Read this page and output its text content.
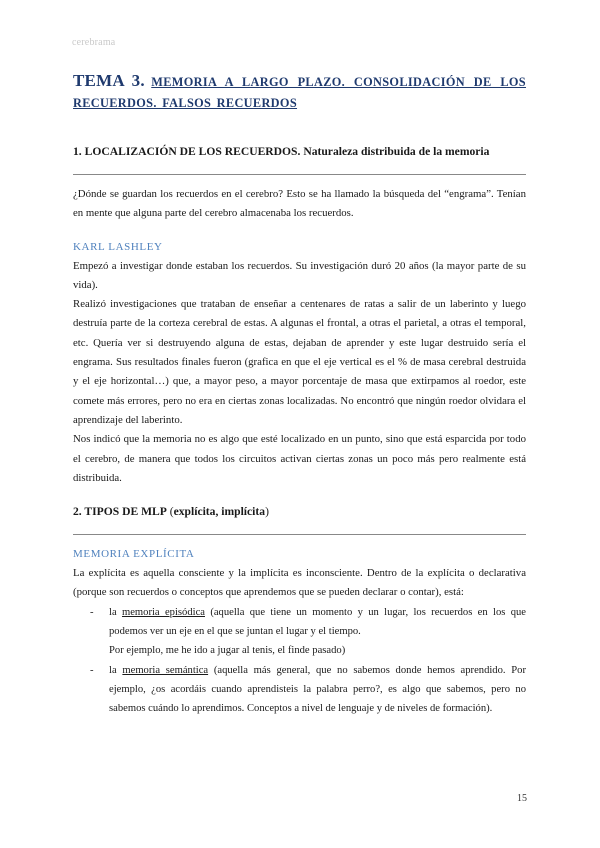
cerebrama
TEMA 3. MEMORIA A LARGO PLAZO. CONSOLIDACIÓN DE LOS RECUERDOS. FALSOS RECUERDOS
1. LOCALIZACIÓN DE LOS RECUERDOS. Naturaleza distribuida de la memoria

¿Dónde se guardan los recuerdos en el cerebro? Esto se ha llamado la búsqueda del “engrama”. Tenían en mente que alguna parte del cerebro almacenaba los recuerdos.

KARL LASHLEY

Empezó a investigar donde estaban los recuerdos. Su investigación duró 20 años (la mayor parte de su vida).

Realizó investigaciones que trataban de enseñar a centenares de ratas a salir de un laberinto y luego destruía parte de la corteza cerebral de estas. A algunas el frontal, a otras el parietal, a otras el temporal, etc. Quería ver si destruyendo alguna de estas, dejaban de aprender y este lugar destruido sería el engrama. Sus resultados finales fueron (grafica en que el eje vertical es el % de masa cerebral destruida y el eje horizontal…) que, a mayor peso, a mayor porcentaje de masa que extirpamos al roedor, este comete más errores, pero no era en ciertas zonas localizadas. No encontró que ningún roedor olvidara el aprendizaje del laberinto.

Nos indicó que la memoria no es algo que esté localizado en un punto, sino que está esparcida por todo el cerebro, de manera que todos los circuitos activan ciertas zonas un poco más pero realmente está distribuida.

2. TIPOS DE MLP (explícita, implícita)
MEMORIA EXPLÍCITA

La explícita es aquella consciente y la implícita es inconsciente. Dentro de la explícita o declarativa (porque son recuerdos o conceptos que aprendemos que se pueden declarar o contar), está:

- la memoria episódica (aquella que tiene un momento y un lugar, los recuerdos en los que podemos ver un eje en el que se juntan el lugar y el tiempo.
Por ejemplo, me he ido a jugar al tenis, el finde pasado)
- la memoria semántica (aquella más general, que no sabemos donde hemos aprendido. Por ejemplo, ¿os acordáis cuando aprendisteis la palabra perro?, es algo que sabemos, pero no sabemos cuándo lo aprendimos. Conceptos a nivel de lenguaje y de niveles de formación).
15
